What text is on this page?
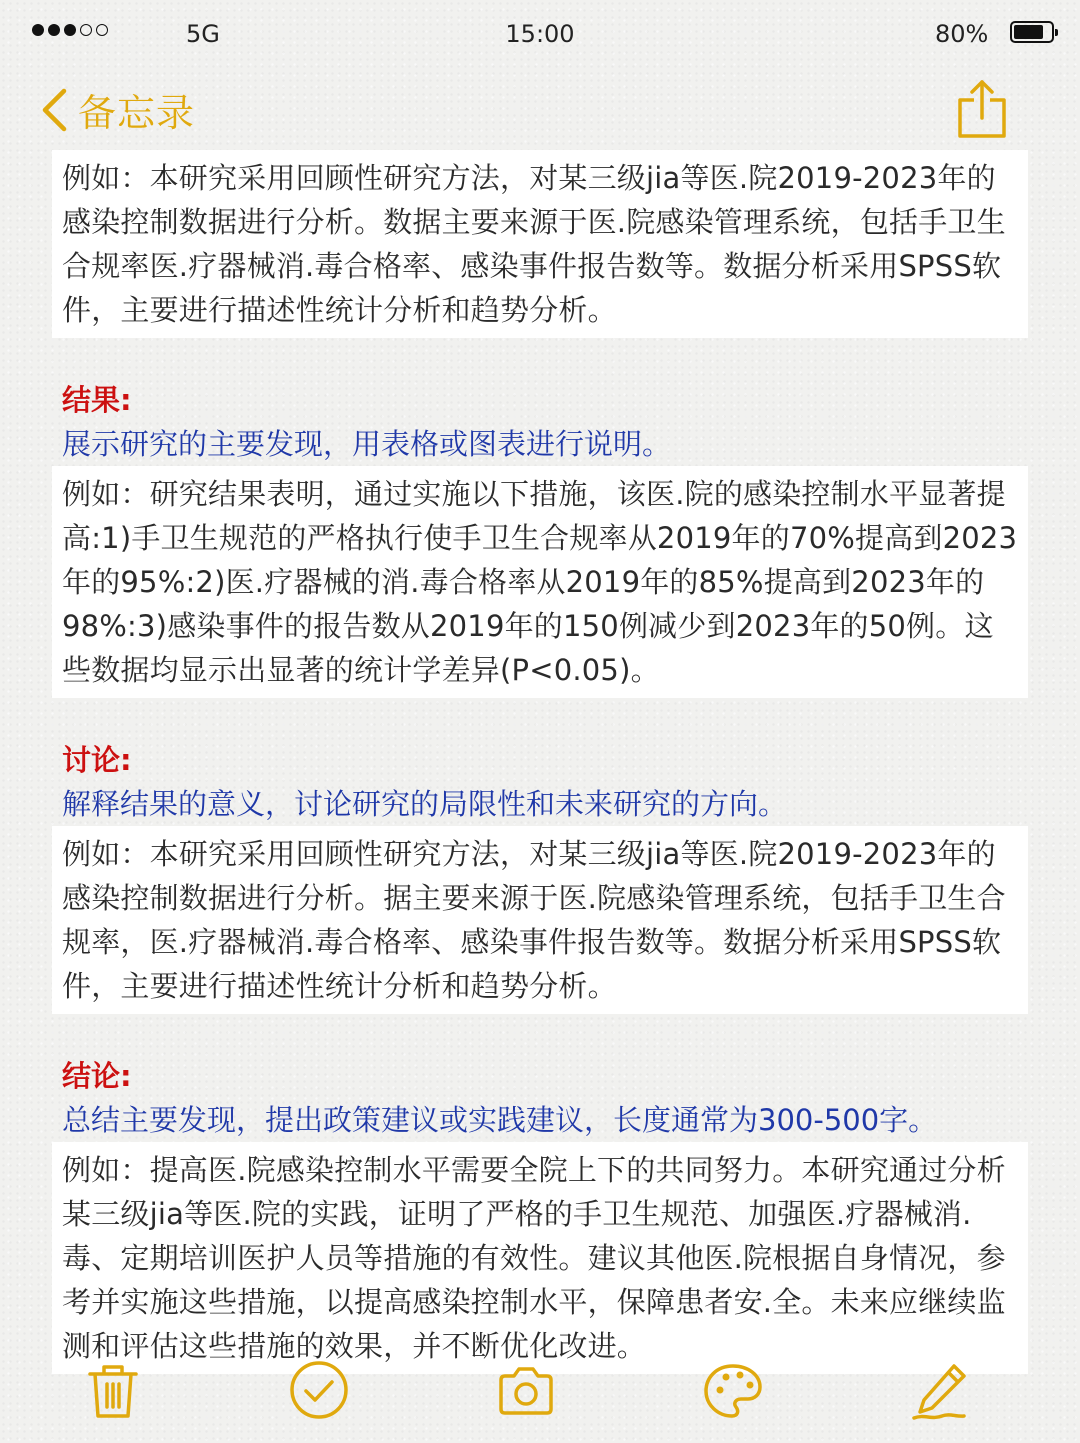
5G	15:00	80%
备忘录
例如：本研究采用回顾性研究方法，对某三级jia等医.院2019-2023年的感染控制数据进行分析。数据主要来源于医.院感染管理系统，包括手卫生合规率医.疗器械消.毒合格率、感染事件报告数等。数据分析采用SPSS软件，主要进行描述性统计分析和趋势分析。
结果:
展示研究的主要发现，用表格或图表进行说明。
例如：研究结果表明，通过实施以下措施，该医.院的感染控制水平显著提高:1)手卫生规范的严格执行使手卫生合规率从2019年的70%提高到2023年的95%:2)医.疗器械的消.毒合格率从2019年的85%提高到2023年的98%:3)感染事件的报告数从2019年的150例减少到2023年的50例。这些数据均显示出显著的统计学差异(P<0.05)。
讨论:
解释结果的意义，讨论研究的局限性和未来研究的方向。
例如：本研究采用回顾性研究方法，对某三级jia等医.院2019-2023年的感染控制数据进行分析。据主要来源于医.院感染管理系统，包括手卫生合规率，医.疗器械消.毒合格率、感染事件报告数等。数据分析采用SPSS软件，主要进行描述性统计分析和趋势分析。
结论:
总结主要发现，提出政策建议或实践建议，长度通常为300-500字。
例如：提高医.院感染控制水平需要全院上下的共同努力。本研究通过分析某三级jia等医.院的实践，证明了严格的手卫生规范、加强医.疗器械消.毒、定期培训医护人员等措施的有效性。建议其他医.院根据自身情况，参考并实施这些措施，以提高感染控制水平，保障患者安.全。未来应继续监测和评估这些措施的效果，并不断优化改进。
